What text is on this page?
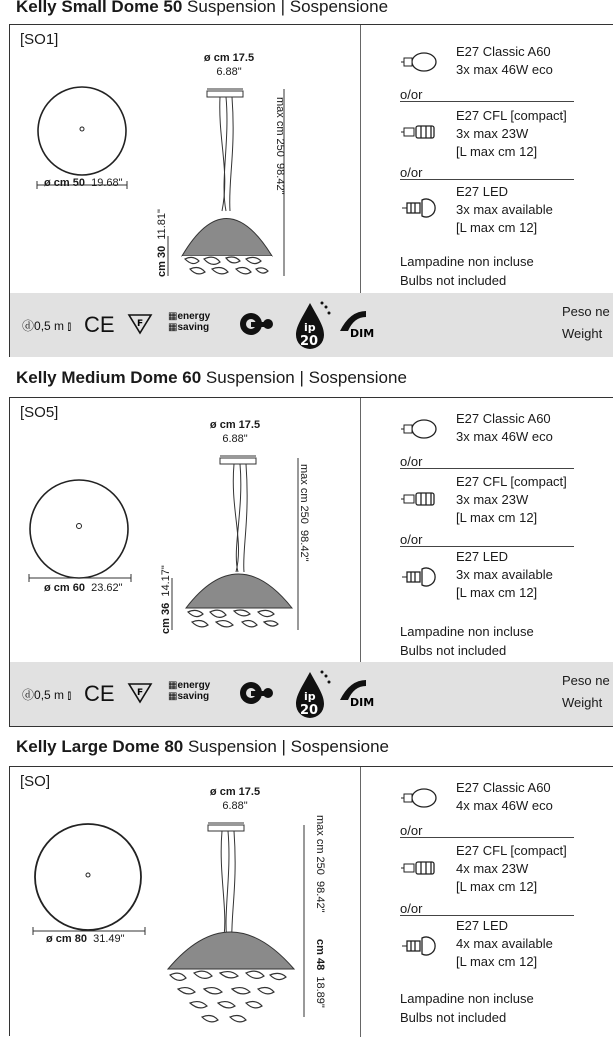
Kelly Small Dome 50 Suspension | Sospensione
[SO1]
ø cm 50 19.68"
ø cm 17.5
6.88"
max cm 250  98.42"
cm 30  11.81"
E27 Classic A60
3x max 46W eco
o/or
E27 CFL [compact]
3x max 23W
[L max cm 12]
o/or
E27 LED
3x max available
[L max cm 12]
Lampadine non incluse
Bulbs not included
ⓓ0,5 m ⫾ CE F
▦energy
▦saving	ip
20
DIM
Peso ne
Weight
Kelly Medium Dome 60 Suspension | Sospensione
[SO5]
ø cm 60 23.62"
ø cm 17.5
6.88"
max cm 250  98.42"
cm 36  14.17"
E27 Classic A60
3x max 46W eco
o/or
E27 CFL [compact]
3x max 23W
[L max cm 12]
o/or
E27 LED
3x max available
[L max cm 12]
Lampadine non incluse
Bulbs not included
ⓓ0,5 m ⫾ CE F
▦energy
▦saving	ip
20
DIM
Peso ne
Weight
Kelly Large Dome 80 Suspension | Sospensione
[SO]
ø cm 80 31.49"
ø cm 17.5
6.88"
max cm 250  98.42"
cm 48  18.89"
E27 Classic A60
4x max 46W eco
o/or
E27 CFL [compact]
4x max 23W
[L max cm 12]
o/or
E27 LED
4x max available
[L max cm 12]
Lampadine non incluse
Bulbs not included
